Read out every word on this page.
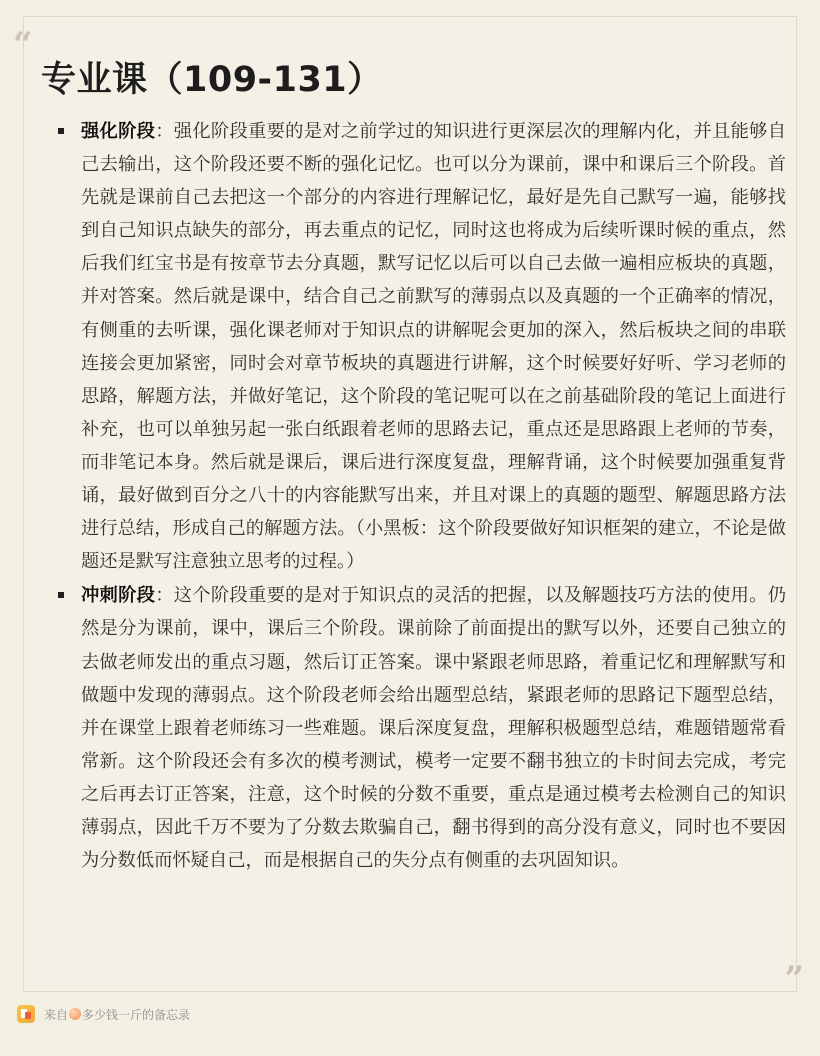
“
专业课（109-131）
强化阶段：强化阶段重要的是对之前学过的知识进行更深层次的理解内化，并且能够自己去输出，这个阶段还要不断的强化记忆。也可以分为课前，课中和课后三个阶段。首先就是课前自己去把这一个部分的内容进行理解记忆，最好是先自己默写一遍，能够找到自己知识点缺失的部分，再去重点的记忆，同时这也将成为后续听课时候的重点，然后我们红宝书是有按章节去分真题，默写记忆以后可以自己去做一遍相应板块的真题，并对答案。然后就是课中，结合自己之前默写的薄弱点以及真题的一个正确率的情况，有侧重的去听课，强化课老师对于知识点的讲解呢会更加的深入，然后板块之间的串联连接会更加紧密，同时会对章节板块的真题进行讲解，这个时候要好好听、学习老师的思路，解题方法，并做好笔记，这个阶段的笔记呢可以在之前基础阶段的笔记上面进行补充，也可以单独另起一张白纸跟着老师的思路去记，重点还是思路跟上老师的节奏，而非笔记本身。然后就是课后，课后进行深度复盘，理解背诵，这个时候要加强重复背诵，最好做到百分之八十的内容能默写出来，并且对课上的真题的题型、解题思路方法进行总结，形成自己的解题方法。（小黑板：这个阶段要做好知识框架的建立，不论是做题还是默写注意独立思考的过程。）
冲刺阶段：这个阶段重要的是对于知识点的灵活的把握，以及解题技巧方法的使用。仍然是分为课前，课中，课后三个阶段。课前除了前面提出的默写以外，还要自己独立的去做老师发出的重点习题，然后订正答案。课中紧跟老师思路，着重记忆和理解默写和做题中发现的薄弱点。这个阶段老师会给出题型总结，紧跟老师的思路记下题型总结，并在课堂上跟着老师练习一些难题。课后深度复盘，理解积极题型总结，难题错题常看常新。这个阶段还会有多次的模考测试，模考一定要不翻书独立的卡时间去完成，考完之后再去订正答案，注意，这个时候的分数不重要，重点是通过模考去检测自己的知识薄弱点，因此千万不要为了分数去欺骗自己，翻书得到的高分没有意义，同时也不要因为分数低而怀疑自己，而是根据自己的失分点有侧重的去巩固知识。
”
来自 多少钱一斤的备忘录
